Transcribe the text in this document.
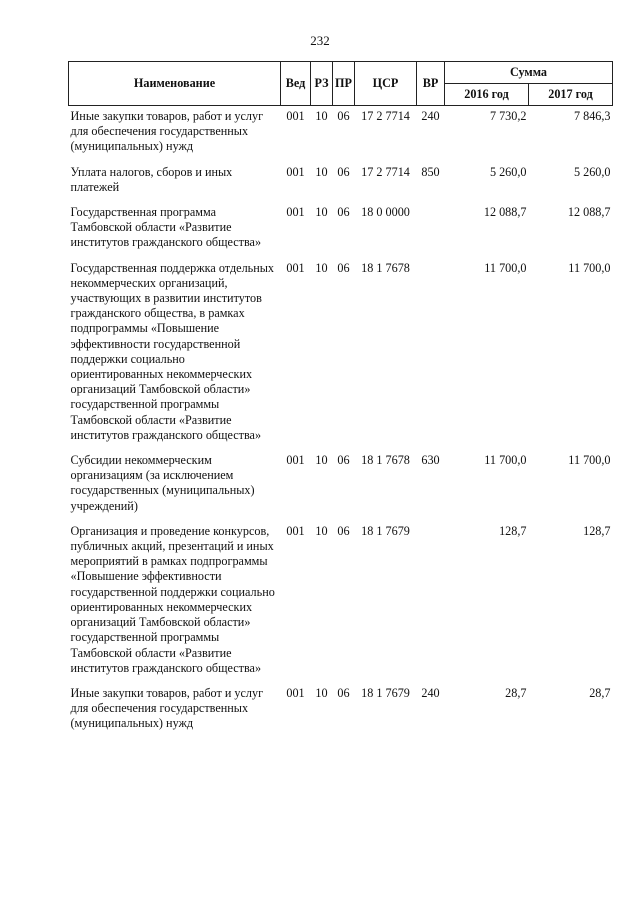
232
Наименование	Вед	РЗ	ПР	ЦСР	ВР	Сумма	
						2016 год	2017 год
Иные закупки товаров, работ и услуг для обеспечения государственных (муниципальных) нужд	001	10	06	17 2 7714	240	7 730,2	7 846,3
Уплата налогов, сборов и иных платежей	001	10	06	17 2 7714	850	5 260,0	5 260,0
Государственная программа Тамбовской области «Развитие институтов гражданского общества»	001	10	06	18 0 0000		12 088,7	12 088,7
Государственная поддержка отдельных некоммерческих организаций, участвующих в развитии институтов гражданского общества, в рамках подпрограммы «Повышение эффективности государственной поддержки социально ориентированных некоммерческих организаций Тамбовской области» государственной программы Тамбовской области «Развитие институтов гражданского общества»	001	10	06	18 1 7678		11 700,0	11 700,0
Субсидии некоммерческим организациям (за исключением государственных (муниципальных) учреждений)	001	10	06	18 1 7678	630	11 700,0	11 700,0
Организация и проведение конкурсов, публичных акций, презентаций и иных мероприятий в рамках подпрограммы «Повышение эффективности государственной поддержки социально ориентированных некоммерческих организаций Тамбовской области» государственной программы Тамбовской области «Развитие институтов гражданского общества»	001	10	06	18 1 7679		128,7	128,7
Иные закупки товаров, работ и услуг для обеспечения государственных (муниципальных) нужд	001	10	06	18 1 7679	240	28,7	28,7
